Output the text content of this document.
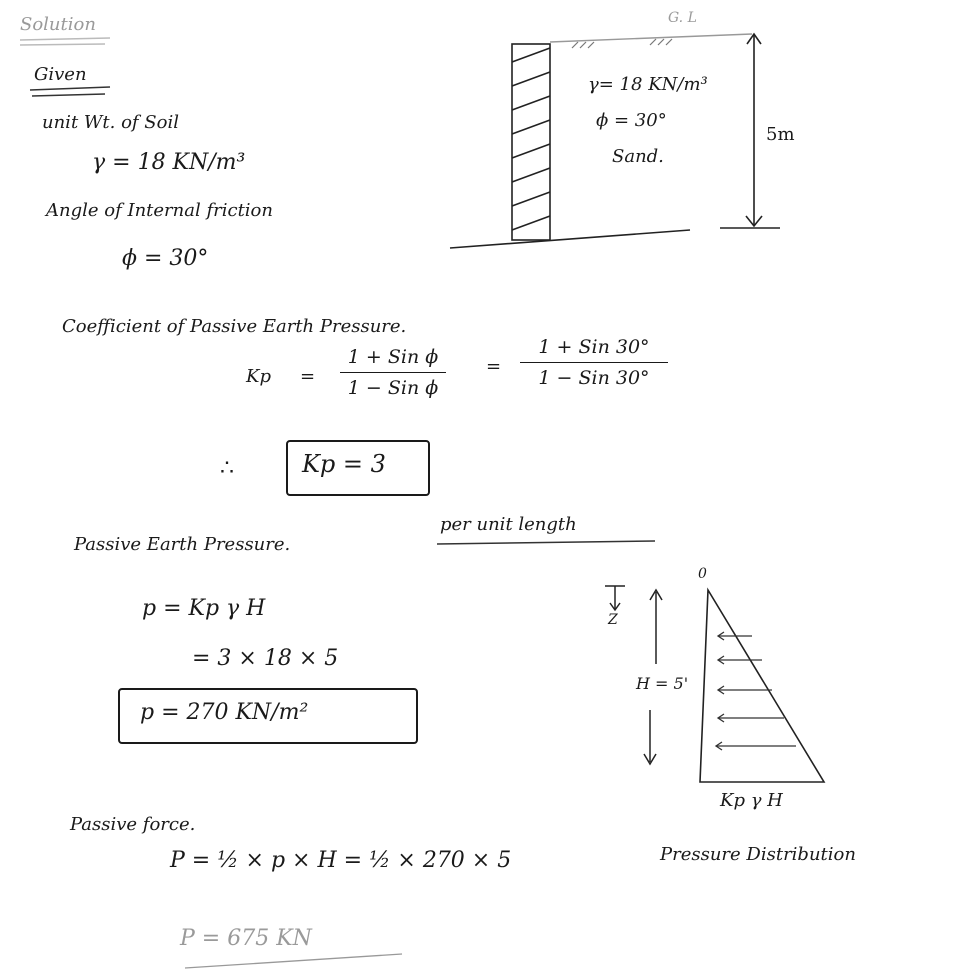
Solution
Given
unit Wt. of Soil
γ = 18 KN/m³
Angle of Internal friction
ϕ = 30°
G. L
γ= 18 KN/m³
ϕ = 30°
Sand.
5m
Coefficient of Passive Earth Pressure.
Kp =
1 + Sin ϕ
1 − Sin ϕ
=
1 + Sin 30°
1 − Sin 30°
∴	Kp = 3
Passive Earth Pressure.
per unit length
p = Kp γ H
= 3 × 18 × 5
p = 270 KN/m²
0
Z
H = 5'
Kp γ H
Pressure Distribution
Passive force.
P = ½ × p × H = ½ × 270 × 5
P = 675 KN
